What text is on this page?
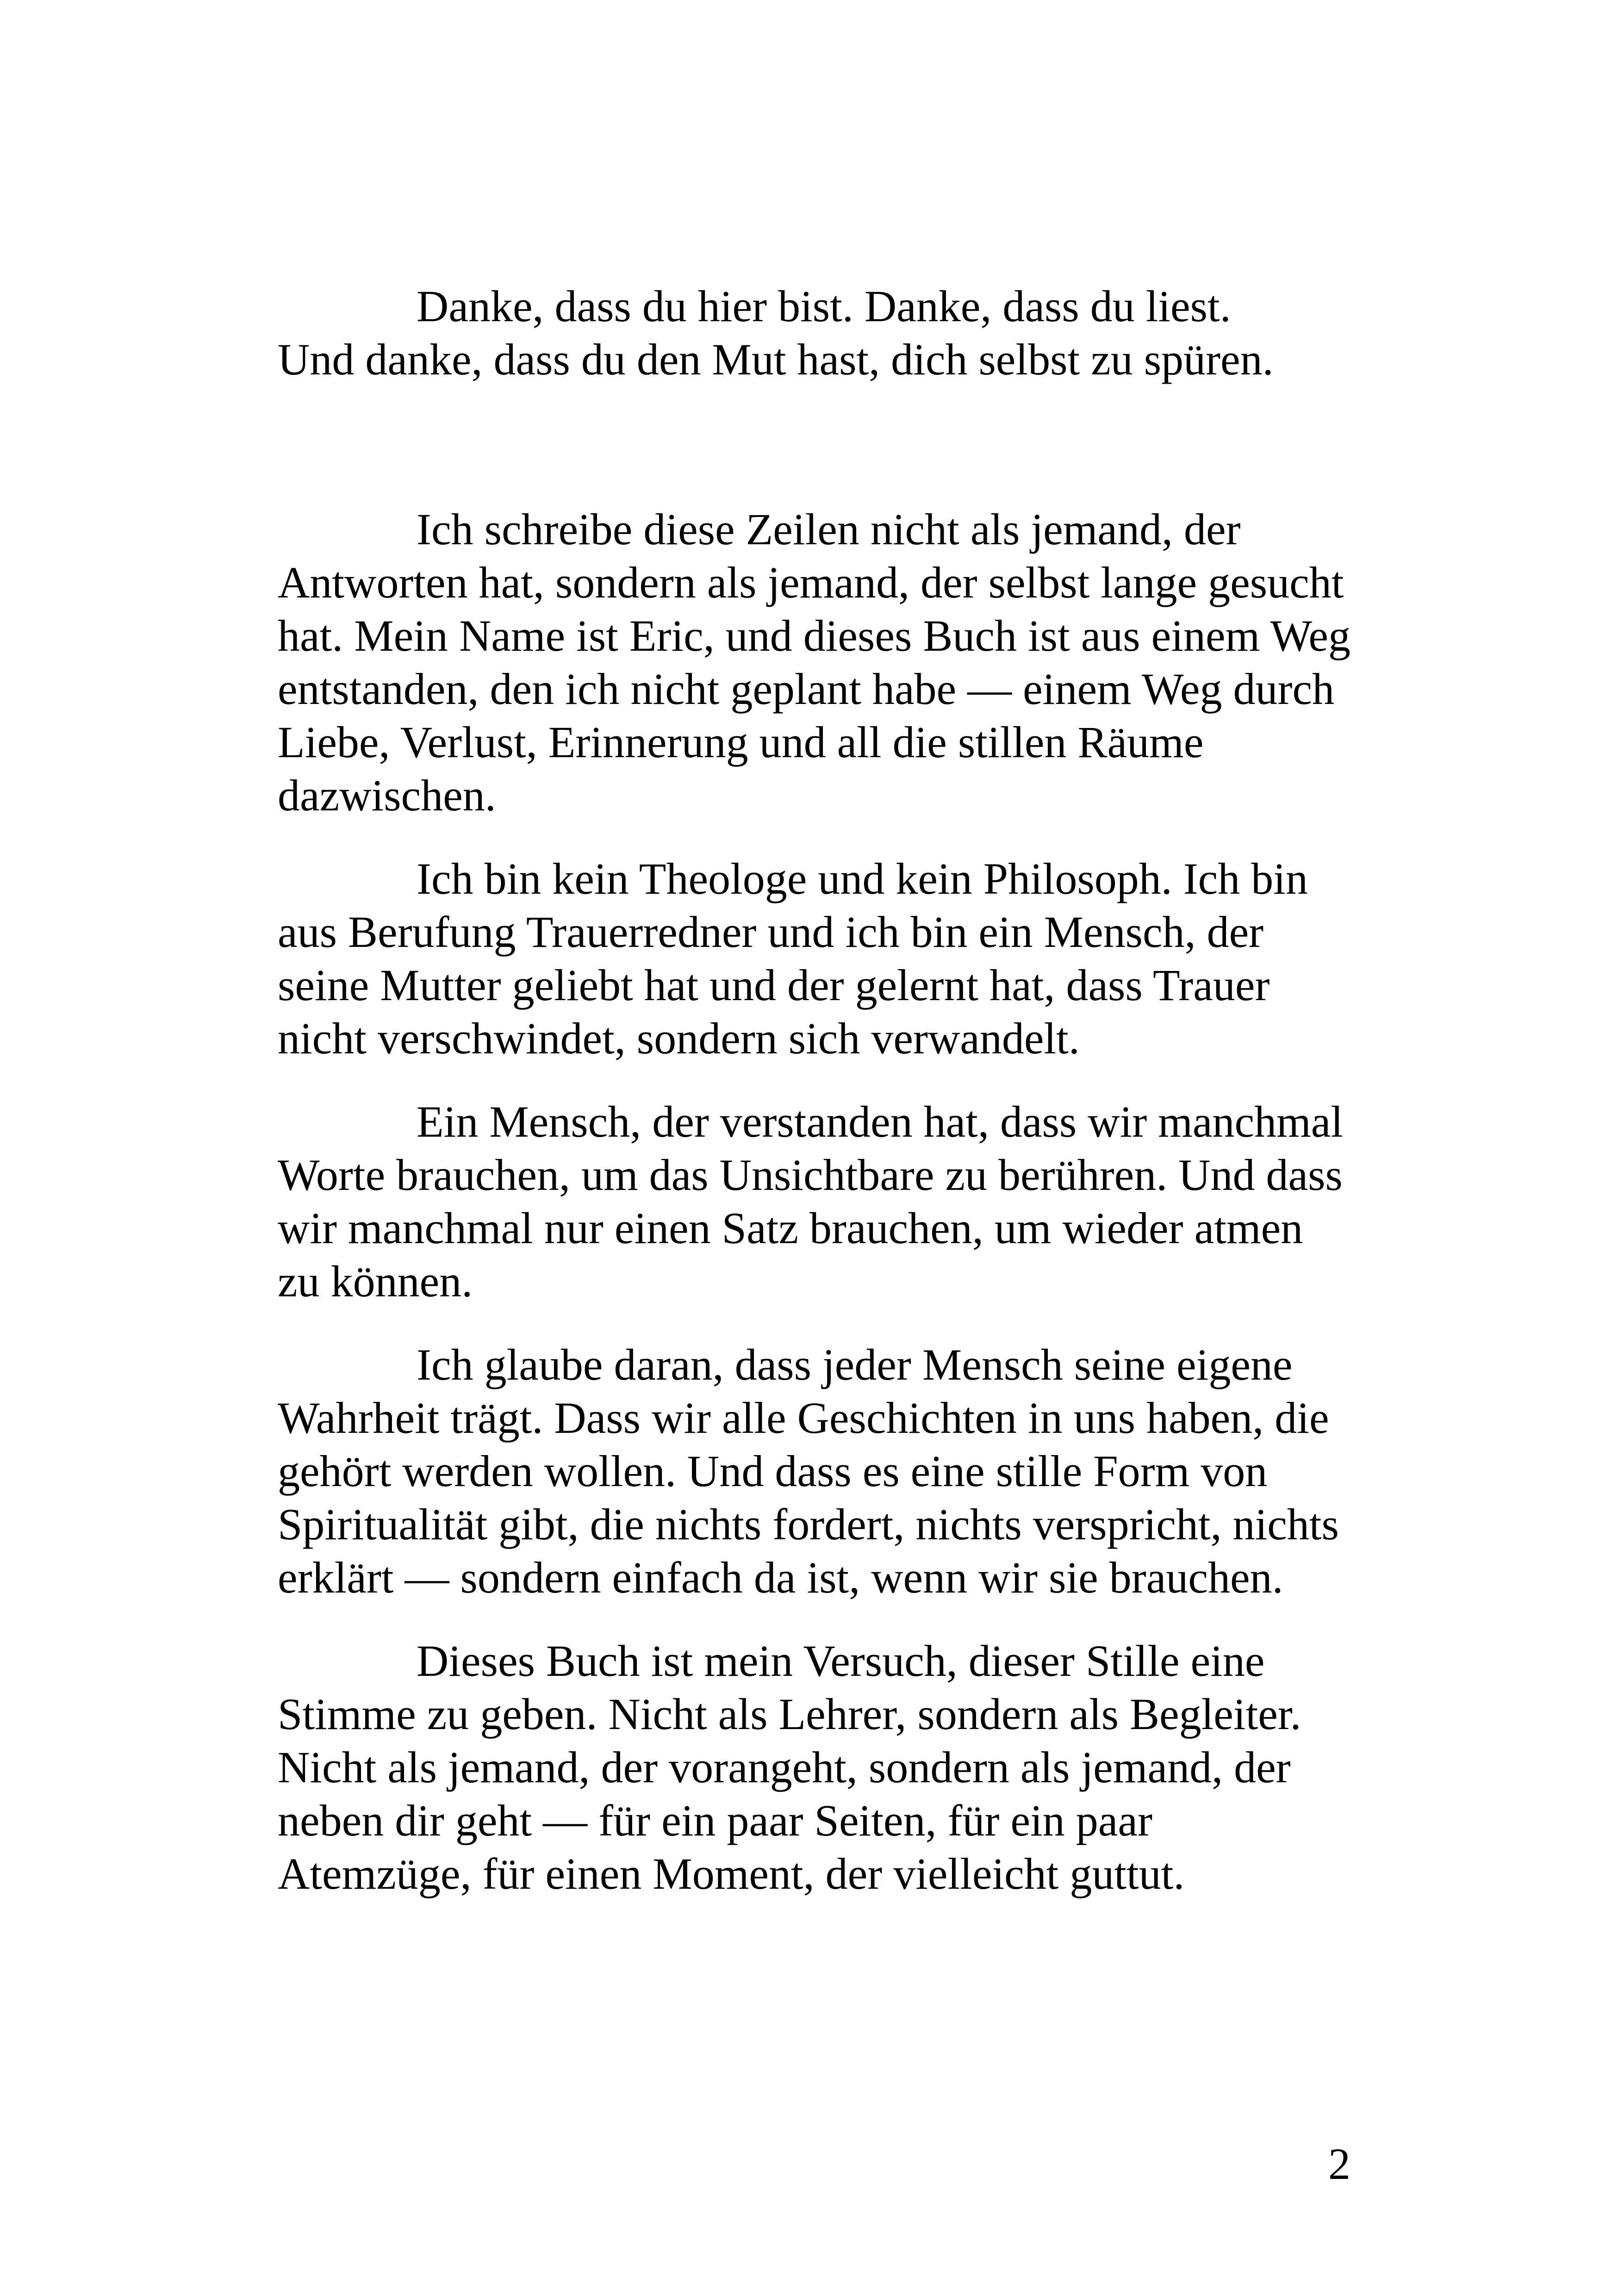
Danke, dass du hier bist. Danke, dass du liest.
Und danke, dass du den Mut hast, dich selbst zu spüren.

Ich schreibe diese Zeilen nicht als jemand, der Antworten hat, sondern als jemand, der selbst lange gesucht hat. Mein Name ist Eric, und dieses Buch ist aus einem Weg entstanden, den ich nicht geplant habe — einem Weg durch Liebe, Verlust, Erinnerung und all die stillen Räume dazwischen.

Ich bin kein Theologe und kein Philosoph. Ich bin aus Berufung Trauerredner und ich bin ein Mensch, der seine Mutter geliebt hat und der gelernt hat, dass Trauer nicht verschwindet, sondern sich verwandelt.

Ein Mensch, der verstanden hat, dass wir manchmal Worte brauchen, um das Unsichtbare zu berühren. Und dass wir manchmal nur einen Satz brauchen, um wieder atmen zu können.

Ich glaube daran, dass jeder Mensch seine eigene Wahrheit trägt. Dass wir alle Geschichten in uns haben, die gehört werden wollen. Und dass es eine stille Form von Spiritualität gibt, die nichts fordert, nichts verspricht, nichts erklärt — sondern einfach da ist, wenn wir sie brauchen.

Dieses Buch ist mein Versuch, dieser Stille eine Stimme zu geben. Nicht als Lehrer, sondern als Begleiter. Nicht als jemand, der vorangeht, sondern als jemand, der neben dir geht — für ein paar Seiten, für ein paar Atemzüge, für einen Moment, der vielleicht guttut.

2
